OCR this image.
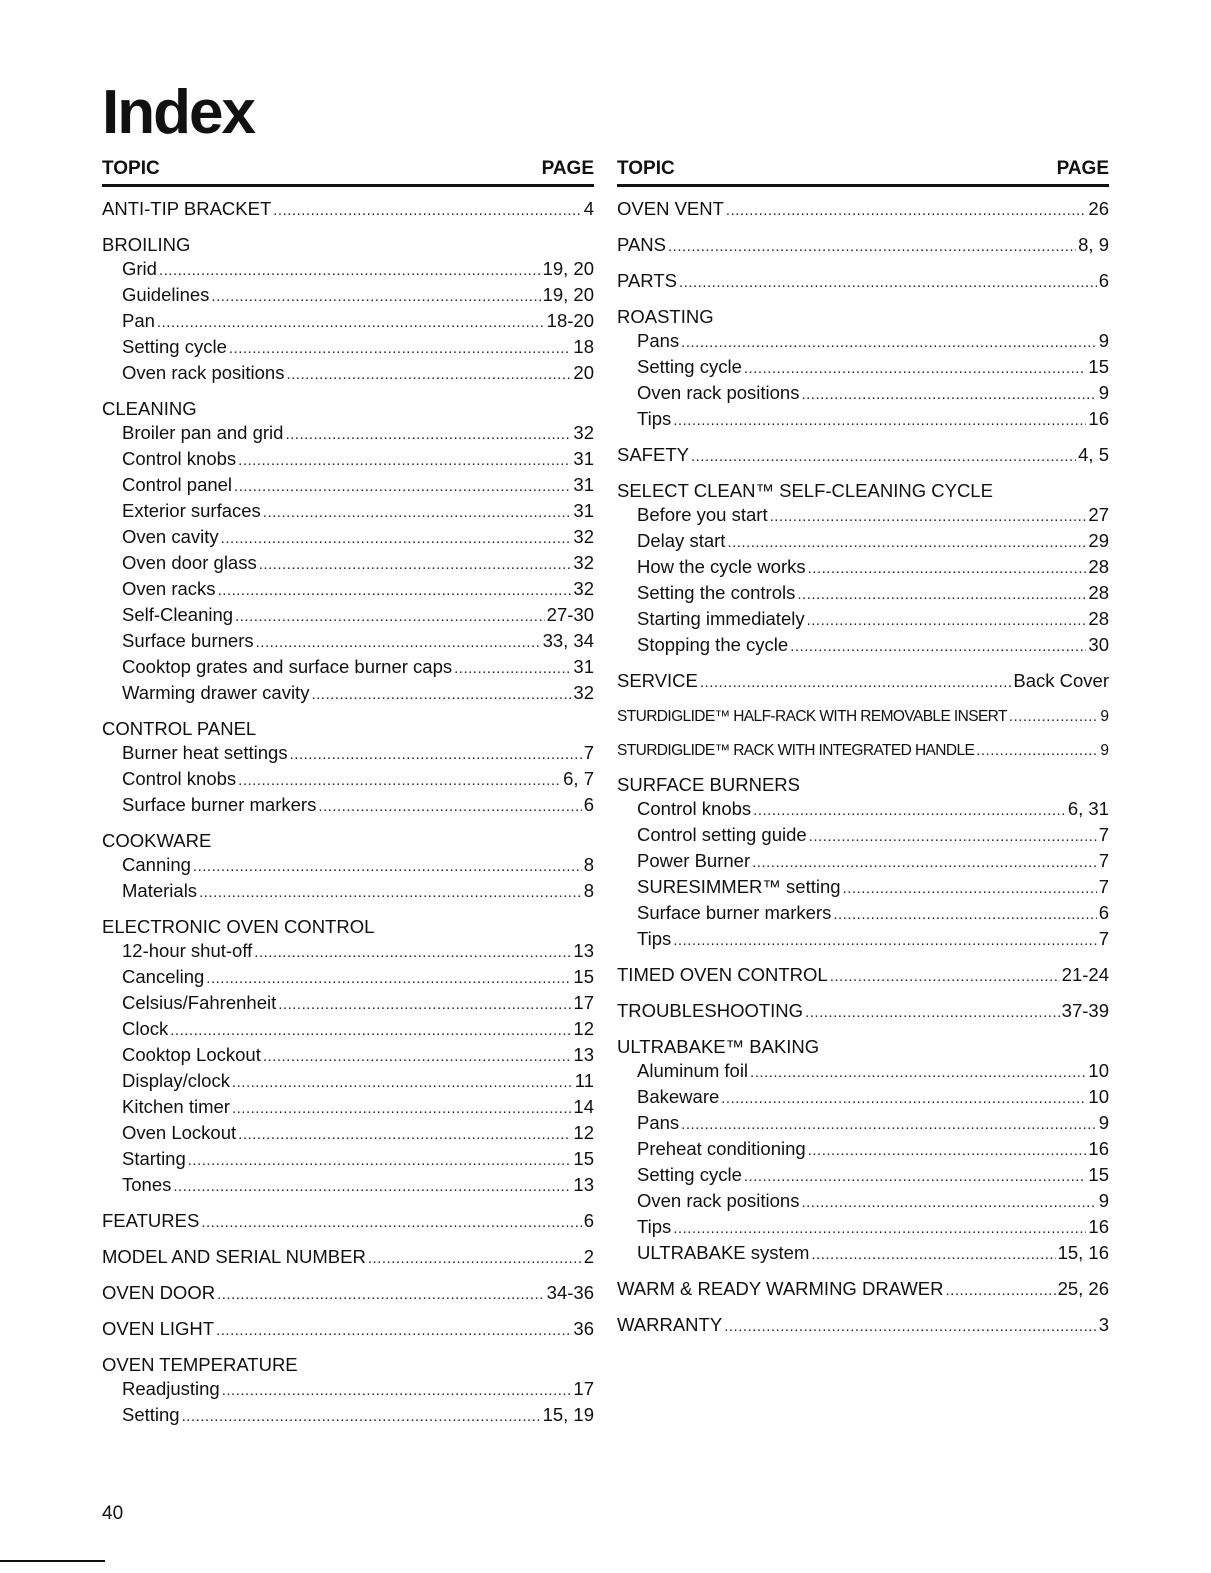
Index
TOPIC	PAGE
ANTI-TIP BRACKET .....	4
BROILING
Grid .....	19, 20
Guidelines .....	19, 20
Pan .....	18-20
Setting cycle .....	18
Oven rack positions .....	20
CLEANING
Broiler pan and grid .....	32
Control knobs .....	31
Control panel .....	31
Exterior surfaces .....	31
Oven cavity .....	32
Oven door glass .....	32
Oven racks .....	32
Self-Cleaning .....	27-30
Surface burners .....	33, 34
Cooktop grates and surface burner caps .....	31
Warming drawer cavity .....	32
CONTROL PANEL
Burner heat settings .....	7
Control knobs .....	6, 7
Surface burner markers .....	6
COOKWARE
Canning .....	8
Materials .....	8
ELECTRONIC OVEN CONTROL
12-hour shut-off .....	13
Canceling .....	15
Celsius/Fahrenheit .....	17
Clock .....	12
Cooktop Lockout .....	13
Display/clock .....	11
Kitchen timer .....	14
Oven Lockout .....	12
Starting .....	15
Tones .....	13
FEATURES .....	6
MODEL AND SERIAL NUMBER .....	2
OVEN DOOR .....	34-36
OVEN LIGHT .....	36
OVEN TEMPERATURE
Readjusting .....	17
Setting .....	15, 19
TOPIC	PAGE
OVEN VENT .....	26
PANS .....	8, 9
PARTS .....	6
ROASTING
Pans .....	9
Setting cycle .....	15
Oven rack positions .....	9
Tips .....	16
SAFETY .....	4, 5
SELECT CLEAN™ SELF-CLEANING CYCLE
Before you start .....	27
Delay start .....	29
How the cycle works .....	28
Setting the controls .....	28
Starting immediately .....	28
Stopping the cycle .....	30
SERVICE .....	Back Cover
STURDIGLIDE™ HALF-RACK WITH REMOVABLE INSERT .....	9
STURDIGLIDE™ RACK WITH INTEGRATED HANDLE .....	9
SURFACE BURNERS
Control knobs .....	6, 31
Control setting guide .....	7
Power Burner .....	7
SURESIMMER™ setting .....	7
Surface burner markers .....	6
Tips .....	7
TIMED OVEN CONTROL .....	21-24
TROUBLESHOOTING .....	37-39
ULTRABAKE™ BAKING
Aluminum foil .....	10
Bakeware .....	10
Pans .....	9
Preheat conditioning .....	16
Setting cycle .....	15
Oven rack positions .....	9
Tips .....	16
ULTRABAKE system .....	15, 16
WARM & READY WARMING DRAWER .....	25, 26
WARRANTY .....	3
40
